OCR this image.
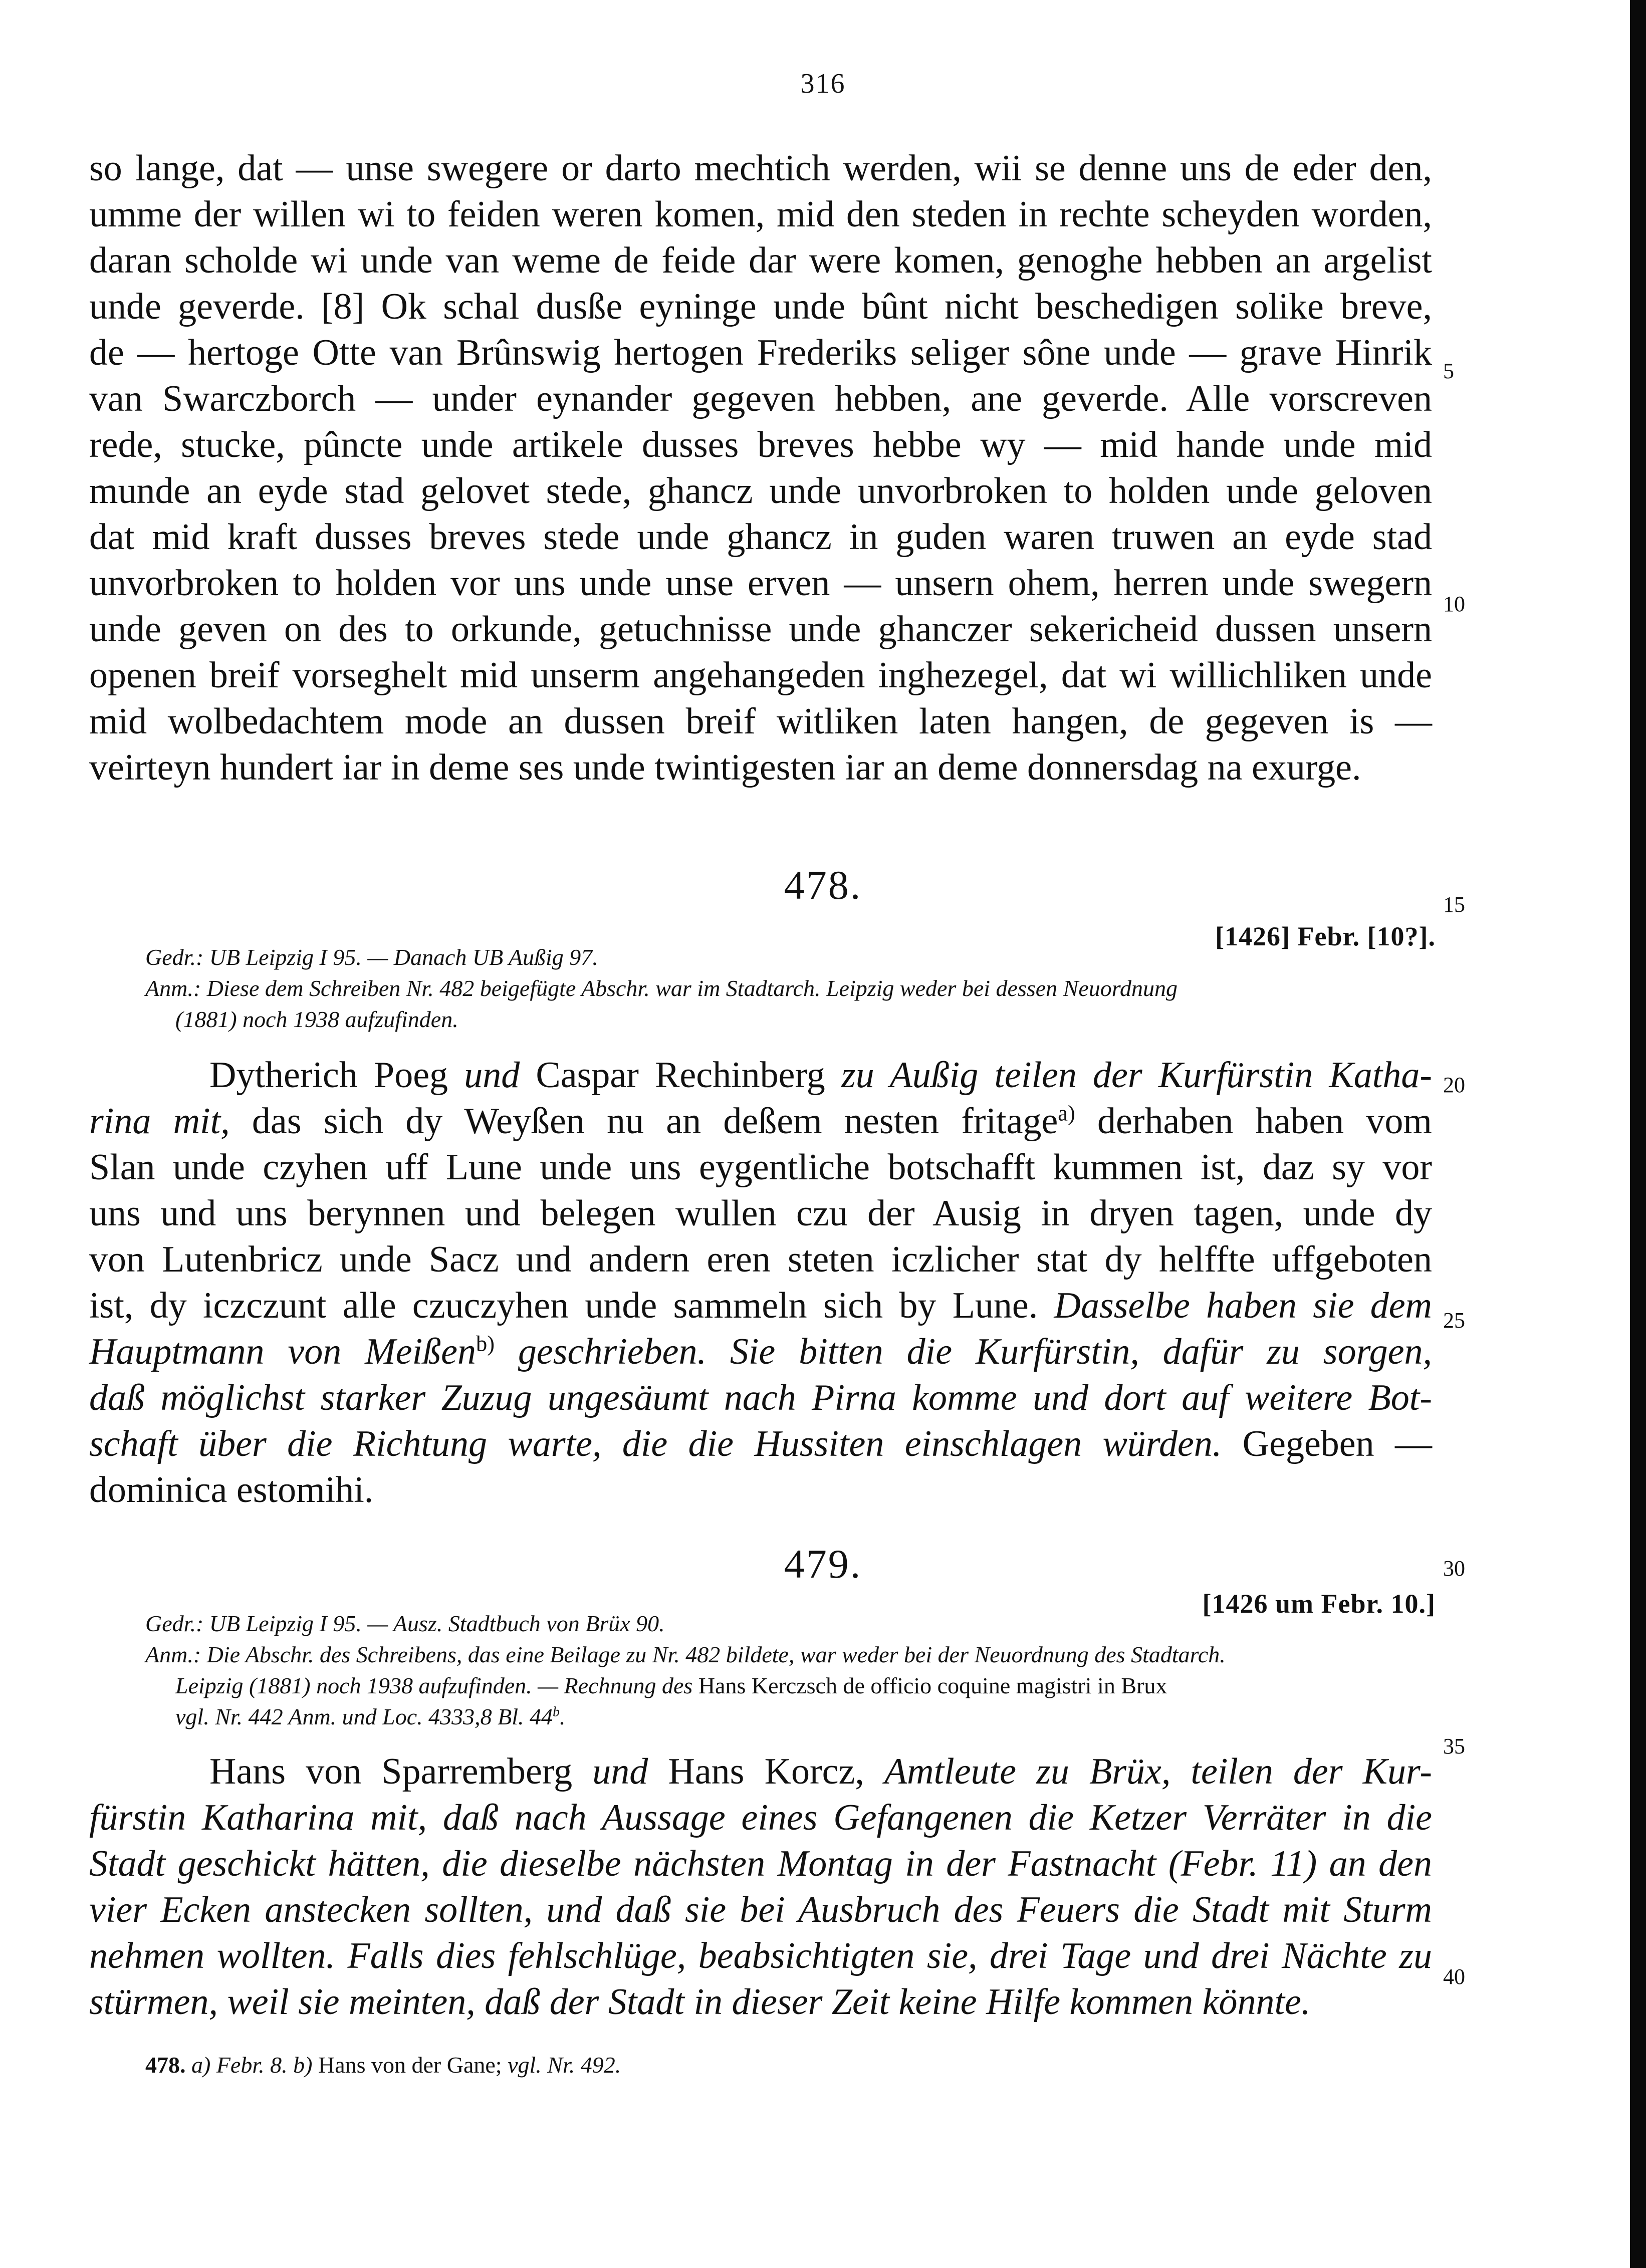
316
so lange, dat — unse swegere or darto mechtich werden, wii se denne uns de eder den,
umme der willen wi to feiden weren komen, mid den steden in rechte scheyden worden,
daran scholde wi unde van weme de feide dar were komen, genoghe hebben an argelist
unde geverde. [8] Ok schal dusße eyninge unde bûnt nicht beschedigen solike breve,
de — hertoge Otte van Brûnswig hertogen Frederiks seliger sône unde — grave Hinrik
van Swarczborch — under eynander gegeven hebben, ane geverde. Alle vorscreven
rede, stucke, pûncte unde artikele dusses breves hebbe wy — mid hande unde mid
munde an eyde stad gelovet stede, ghancz unde unvorbroken to holden unde geloven
dat mid kraft dusses breves stede unde ghancz in guden waren truwen an eyde stad
unvorbroken to holden vor uns unde unse erven — unsern ohem, herren unde swegern
unde geven on des to orkunde, getuchnisse unde ghanczer sekericheid dussen unsern
openen breif vorseghelt mid unserm angehangeden inghezegel, dat wi willichliken unde
mid wolbedachtem mode an dussen breif witliken laten hangen, de gegeven is —
veirteyn hundert iar in deme ses unde twintigesten iar an deme donnersdag na exurge.
478.
[1426] Febr. [10?].
Gedr.: UB Leipzig I 95. — Danach UB Außig 97.
Anm.: Diese dem Schreiben Nr. 482 beigefügte Abschr. war im Stadtarch. Leipzig weder bei dessen Neuordnung
(1881) noch 1938 aufzufinden.
Dytherich Poeg und Caspar Rechinberg zu Außig teilen der Kurfürstin Katha-
rina mit, das sich dy Weyßen nu an deßem nesten fritage$^{a)}$ derhaben haben vom
Slan unde czyhen uff Lune unde uns eygentliche botschafft kummen ist, daz sy vor
uns und uns berynnen und belegen wullen czu der Ausig in dryen tagen, unde dy
von Lutenbricz unde Sacz und andern eren steten iczlicher stat dy helffte uffgeboten
ist, dy iczczunt alle czuczyhen unde sammeln sich by Lune. Dasselbe haben sie dem
Hauptmann von Meißen$^{b)}$ geschrieben. Sie bitten die Kurfürstin, dafür zu sorgen,
daß möglichst starker Zuzug ungesäumt nach Pirna komme und dort auf weitere Bot-
schaft über die Richtung warte, die die Hussiten einschlagen würden. Gegeben —
dominica estomihi.
479.
[1426 um Febr. 10.]
Gedr.: UB Leipzig I 95. — Ausz. Stadtbuch von Brüx 90.
Anm.: Die Abschr. des Schreibens, das eine Beilage zu Nr. 482 bildete, war weder bei der Neuordnung des Stadtarch.
Leipzig (1881) noch 1938 aufzufinden. — Rechnung des Hans Kerczsch de officio coquine magistri in Brux
vgl. Nr. 442 Anm. und Loc. 4333,8 Bl. 44$^b$.
Hans von Sparremberg und Hans Korcz, Amtleute zu Brüx, teilen der Kur-
fürstin Katharina mit, daß nach Aussage eines Gefangenen die Ketzer Verräter in die
Stadt geschickt hätten, die dieselbe nächsten Montag in der Fastnacht (Febr. 11) an den
vier Ecken anstecken sollten, und daß sie bei Ausbruch des Feuers die Stadt mit Sturm
nehmen wollten. Falls dies fehlschlüge, beabsichtigten sie, drei Tage und drei Nächte zu
stürmen, weil sie meinten, daß der Stadt in dieser Zeit keine Hilfe kommen könnte.
478. a) Febr. 8. b) Hans von der Gane; vgl. Nr. 492.
5
10
15
20
25
30
35
40
